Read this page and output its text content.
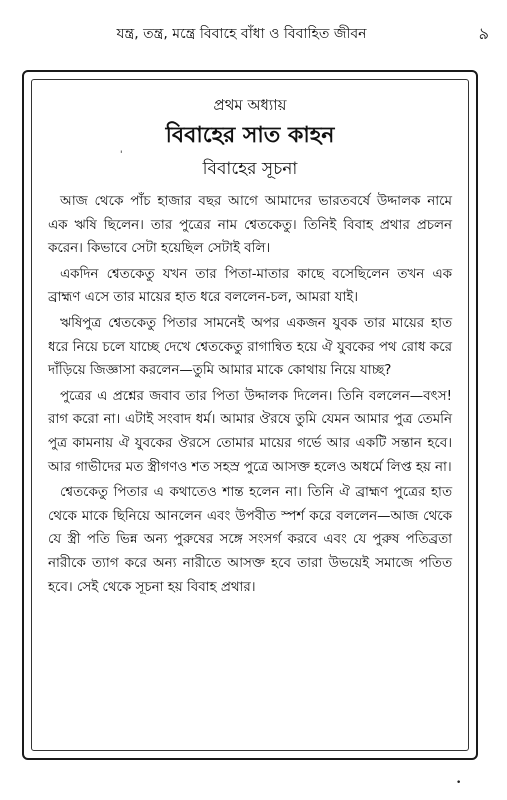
যন্ত্র, তন্ত্র, মন্ত্রে বিবাহে বাঁধা ও বিবাহিত জীবন	৯

প্রথম অধ্যায়

বিবাহের সাত কাহন

বিবাহের সূচনা

আজ থেকে পাঁচ হাজার বছর আগে আমাদের ভারতবর্ষে উদ্দালক নামে এক ঋষি ছিলেন। তার পুত্রের নাম শ্বেতকেতু। তিনিই বিবাহ প্রথার প্রচলন করেন। কিভাবে সেটা হয়েছিল সেটাই বলি।

একদিন শ্বেতকেতু যখন তার পিতা-মাতার কাছে বসেছিলেন তখন এক ব্রাহ্মণ এসে তার মায়ের হাত ধরে বললেন-চল, আমরা যাই।

ঋষিপুত্র শ্বেতকেতু পিতার সামনেই অপর একজন যুবক তার মায়ের হাত ধরে নিয়ে চলে যাচ্ছে দেখে শ্বেতকেতু রাগান্বিত হয়ে ঐ যুবকের পথ রোধ করে দাঁড়িয়ে জিজ্ঞাসা করলেন—তুমি আমার মাকে কোথায় নিয়ে যাচ্ছ?

পুত্রের এ প্রশ্নের জবাব তার পিতা উদ্দালক দিলেন। তিনি বললেন—বৎস! রাগ করো না। এটাই সংবাদ ধর্ম। আমার ঔরষে তুমি যেমন আমার পুত্র তেমনি পুত্র কামনায় ঐ যুবকের ঔরসে তোমার মায়ের গর্ভে আর একটি সন্তান হবে। আর গাভীদের মত স্ত্রীগণও শত সহস্র পুত্রে আসক্ত হলেও অধর্মে লিপ্ত হয় না।

শ্বেতকেতু পিতার এ কথাতেও শান্ত হলেন না। তিনি ঐ ব্রাহ্মণ পুত্রের হাত থেকে মাকে ছিনিয়ে আনলেন এবং উপবীত স্পর্শ করে বললেন—আজ থেকে যে স্ত্রী পতি ভিন্ন অন্য পুরুষের সঙ্গে সংসর্গ করবে এবং যে পুরুষ পতিব্রতা নারীকে ত্যাগ করে অন্য নারীতে আসক্ত হবে তারা উভয়েই সমাজে পতিত হবে। সেই থেকে সূচনা হয় বিবাহ প্রথার।

'
•
